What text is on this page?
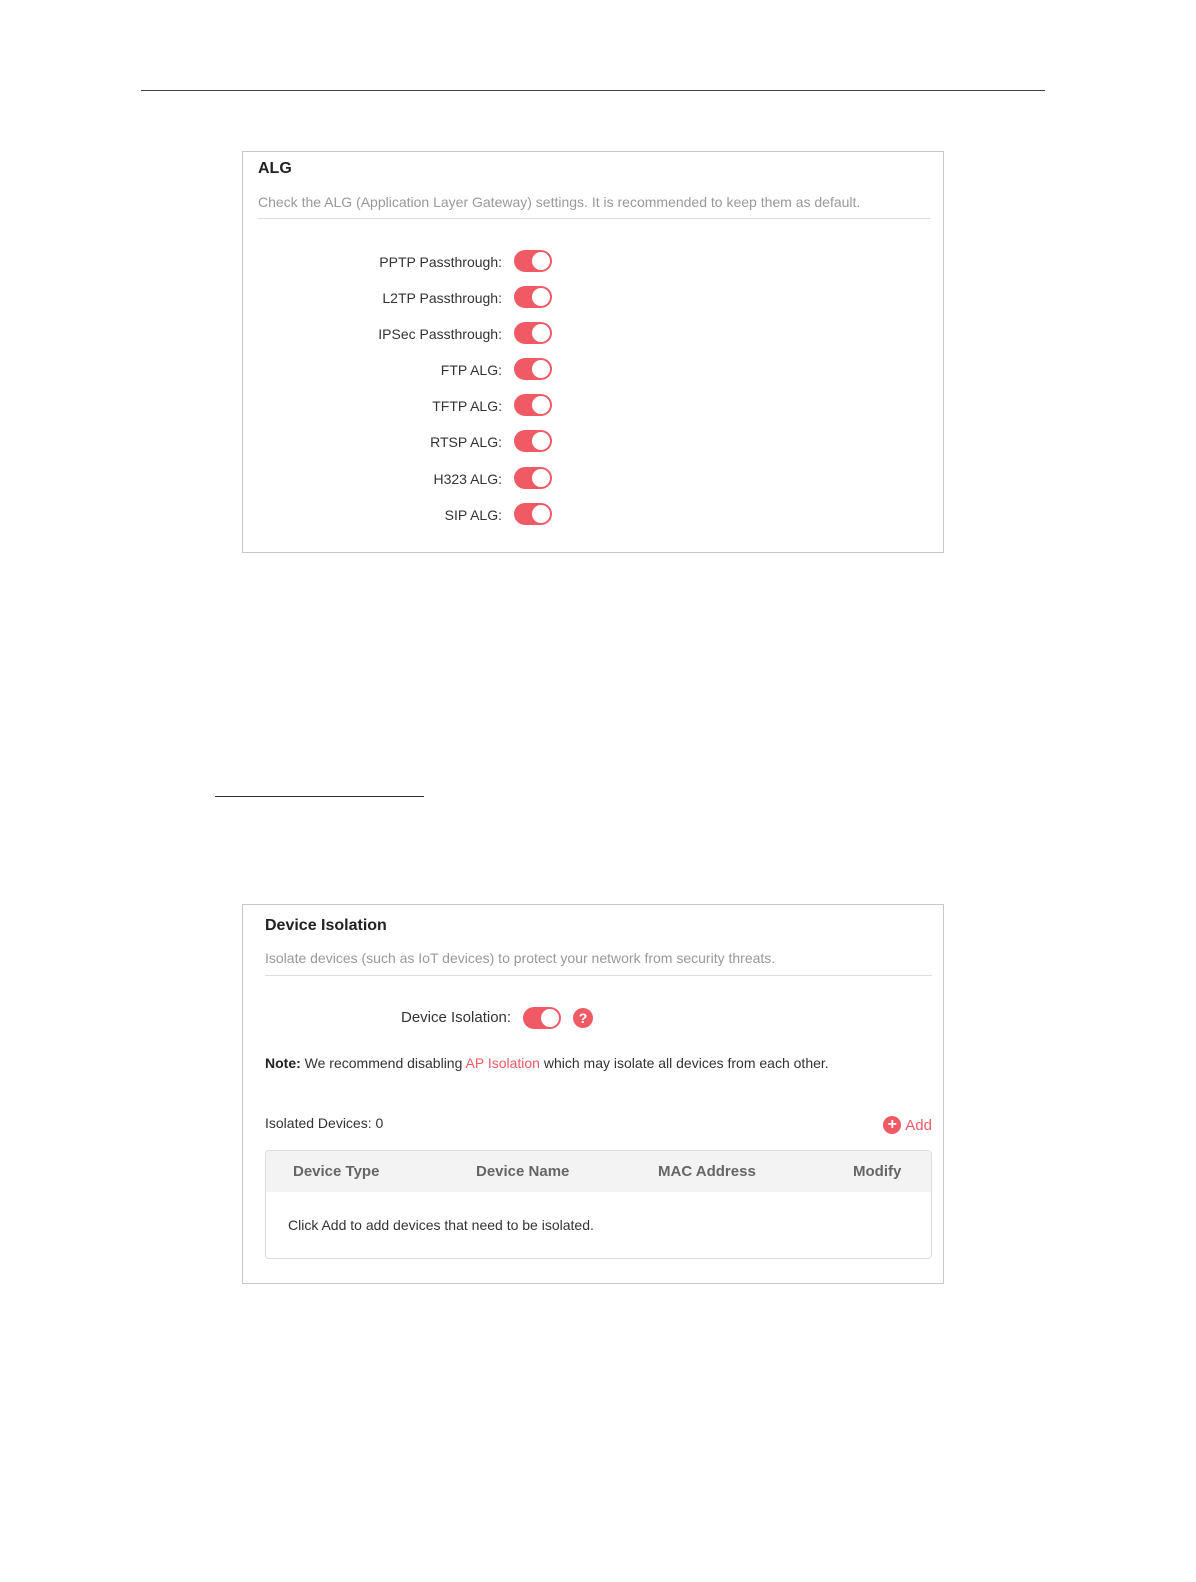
ALG
Check the ALG (Application Layer Gateway) settings. It is recommended to keep them as default.
PPTP Passthrough:
L2TP Passthrough:
IPSec Passthrough:
FTP ALG:
TFTP ALG:
RTSP ALG:
H323 ALG:
SIP ALG:
Device Isolation
Isolate devices (such as IoT devices) to protect your network from security threats.
Device Isolation:	?
Note: We recommend disabling AP Isolation which may isolate all devices from each other.
Isolated Devices: 0	+ Add
Device Type	Device Name	MAC Address	Modify
Click Add to add devices that need to be isolated.
